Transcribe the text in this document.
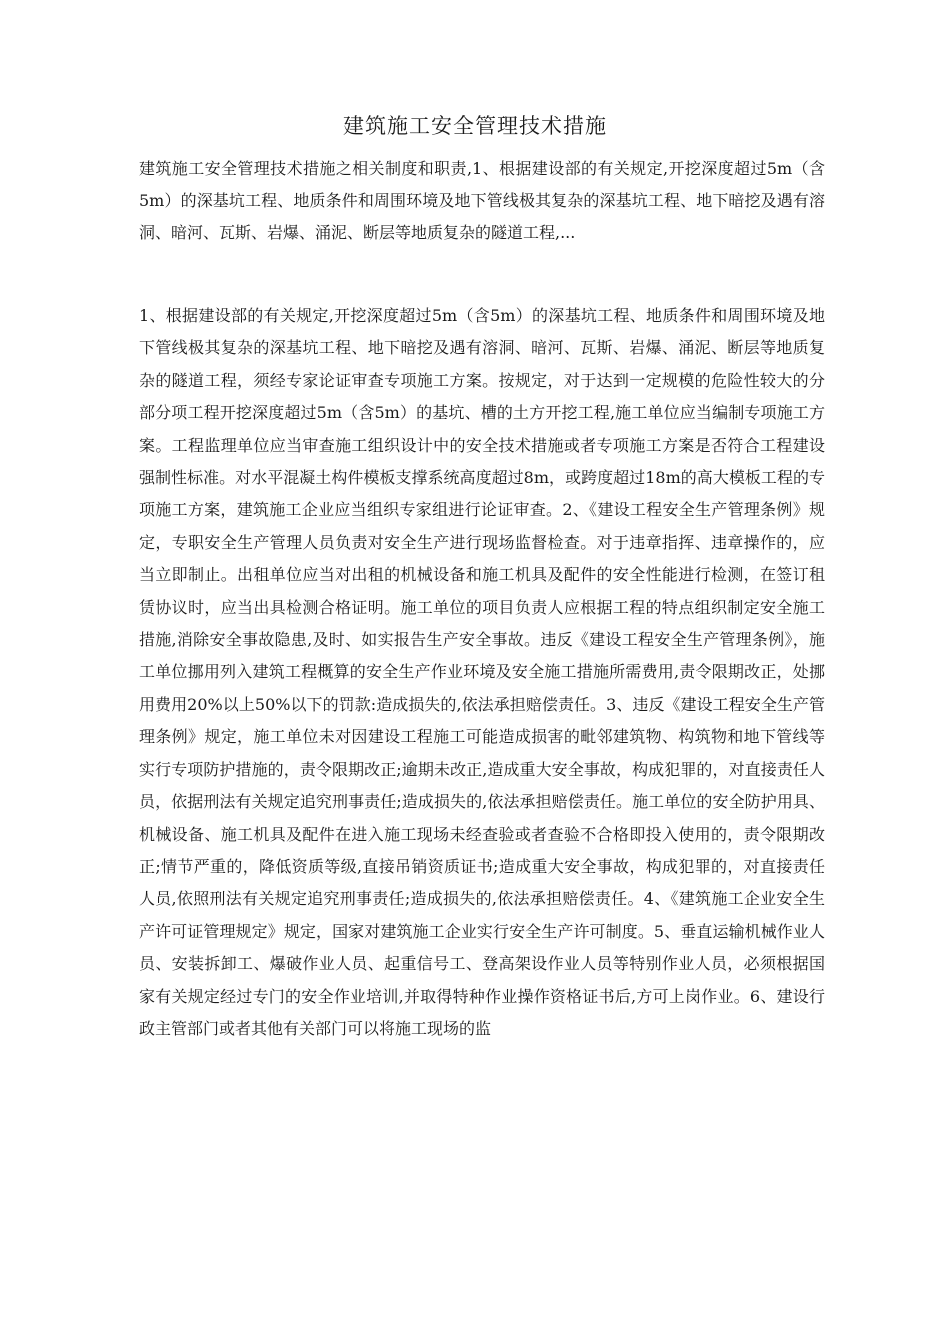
建筑施工安全管理技术措施

建筑施工安全管理技术措施之相关制度和职责,1、根据建设部的有关规定,开挖深度超过5m（含5m）的深基坑工程、地质条件和周围环境及地下管线极其复杂的深基坑工程、地下暗挖及遇有溶洞、暗河、瓦斯、岩爆、涌泥、断层等地质复杂的隧道工程,...

1、根据建设部的有关规定,开挖深度超过5m（含5m）的深基坑工程、地质条件和周围环境及地下管线极其复杂的深基坑工程、地下暗挖及遇有溶洞、暗河、瓦斯、岩爆、涌泥、断层等地质复杂的隧道工程，须经专家论证审查专项施工方案。按规定，对于达到一定规模的危险性较大的分部分项工程开挖深度超过5m（含5m）的基坑、槽的土方开挖工程,施工单位应当编制专项施工方案。工程监理单位应当审查施工组织设计中的安全技术措施或者专项施工方案是否符合工程建设强制性标准。对水平混凝土构件模板支撑系统高度超过8m，或跨度超过18m的高大模板工程的专项施工方案，建筑施工企业应当组织专家组进行论证审查。2、《建设工程安全生产管理条例》规定，专职安全生产管理人员负责对安全生产进行现场监督检查。对于违章指挥、违章操作的，应当立即制止。出租单位应当对出租的机械设备和施工机具及配件的安全性能进行检测，在签订租赁协议时，应当出具检测合格证明。施工单位的项目负责人应根据工程的特点组织制定安全施工措施,消除安全事故隐患,及时、如实报告生产安全事故。违反《建设工程安全生产管理条例》，施工单位挪用列入建筑工程概算的安全生产作业环境及安全施工措施所需费用,责令限期改正，处挪用费用20%以上50%以下的罚款:造成损失的,依法承担赔偿责任。3、违反《建设工程安全生产管理条例》规定，施工单位未对因建设工程施工可能造成损害的毗邻建筑物、构筑物和地下管线等实行专项防护措施的，责令限期改正;逾期未改正,造成重大安全事故，构成犯罪的，对直接责任人员，依据刑法有关规定追究刑事责任;造成损失的,依法承担赔偿责任。施工单位的安全防护用具、机械设备、施工机具及配件在进入施工现场未经查验或者查验不合格即投入使用的，责令限期改正;情节严重的，降低资质等级,直接吊销资质证书;造成重大安全事故，构成犯罪的，对直接责任人员,依照刑法有关规定追究刑事责任;造成损失的,依法承担赔偿责任。4、《建筑施工企业安全生产许可证管理规定》规定，国家对建筑施工企业实行安全生产许可制度。5、垂直运输机械作业人员、安装拆卸工、爆破作业人员、起重信号工、登高架设作业人员等特别作业人员，必须根据国家有关规定经过专门的安全作业培训,并取得特种作业操作资格证书后,方可上岗作业。6、建设行政主管部门或者其他有关部门可以将施工现场的监
